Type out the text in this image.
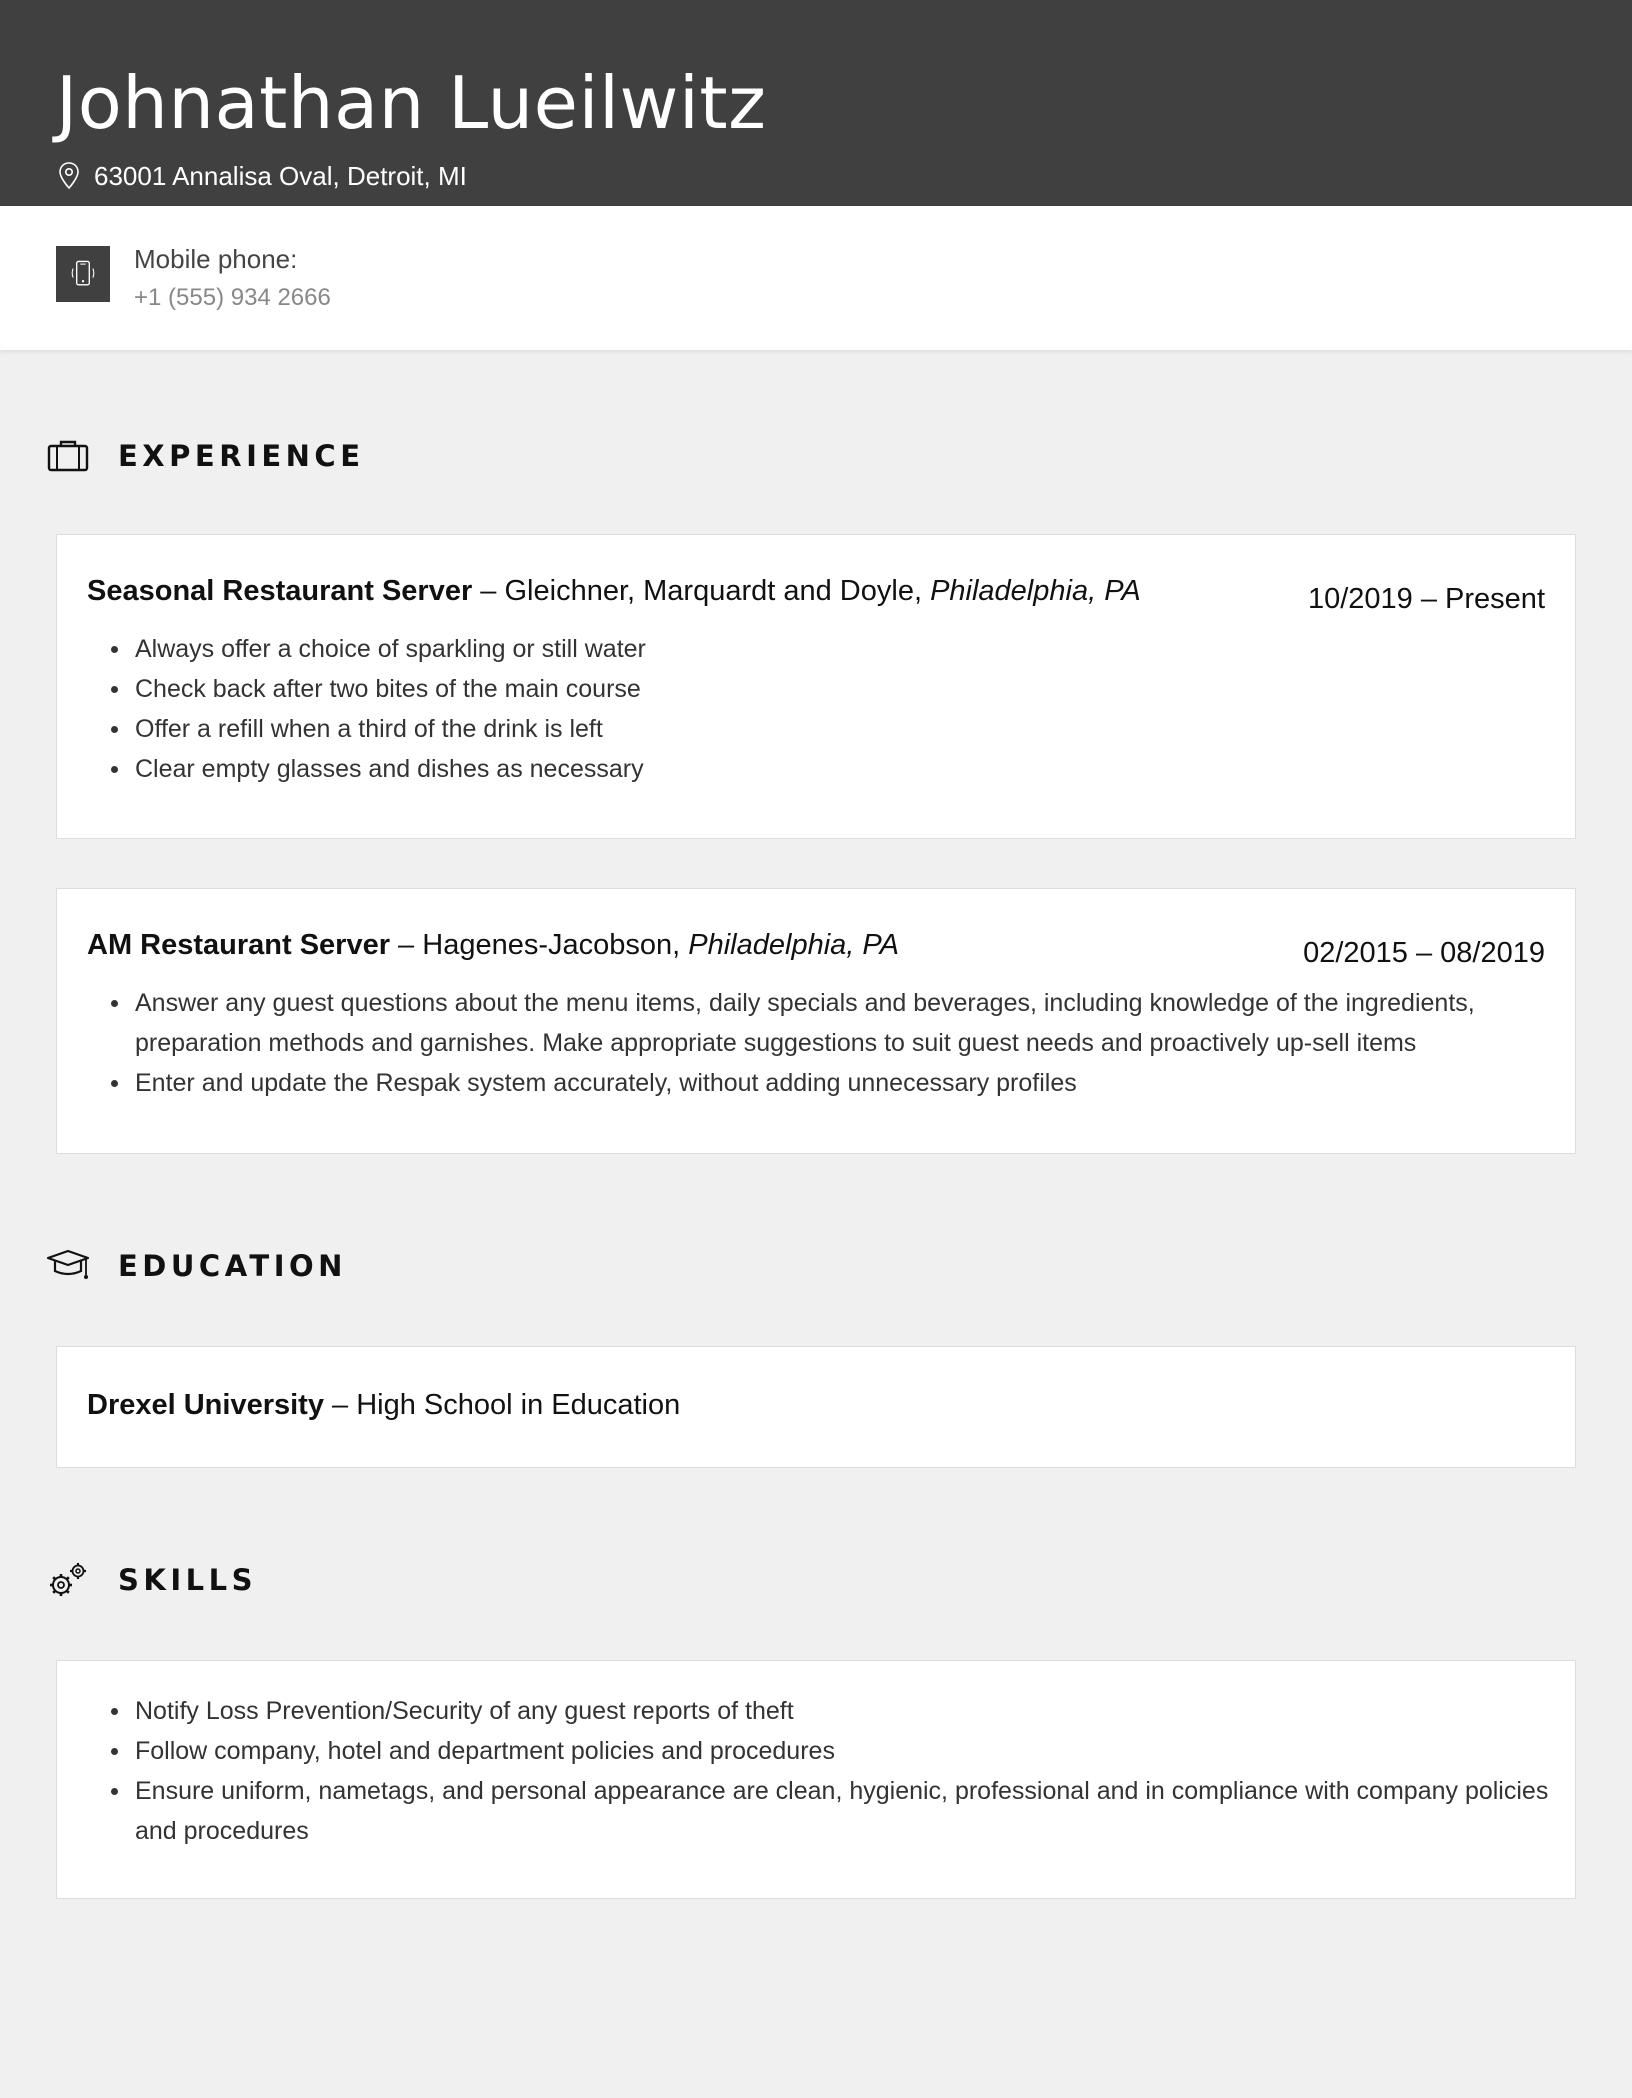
Johnathan Lueilwitz
63001 Annalisa Oval, Detroit, MI
Mobile phone:
+1 (555) 934 2666
EXPERIENCE
Seasonal Restaurant Server – Gleichner, Marquardt and Doyle, Philadelphia, PA	10/2019 – Present
Always offer a choice of sparkling or still water
Check back after two bites of the main course
Offer a refill when a third of the drink is left
Clear empty glasses and dishes as necessary
AM Restaurant Server – Hagenes-Jacobson, Philadelphia, PA	02/2015 – 08/2019
Answer any guest questions about the menu items, daily specials and beverages, including knowledge of the ingredients, preparation methods and garnishes. Make appropriate suggestions to suit guest needs and proactively up-sell items
Enter and update the Respak system accurately, without adding unnecessary profiles
EDUCATION
Drexel University – High School in Education
SKILLS
Notify Loss Prevention/Security of any guest reports of theft
Follow company, hotel and department policies and procedures
Ensure uniform, nametags, and personal appearance are clean, hygienic, professional and in compliance with company policies and procedures
